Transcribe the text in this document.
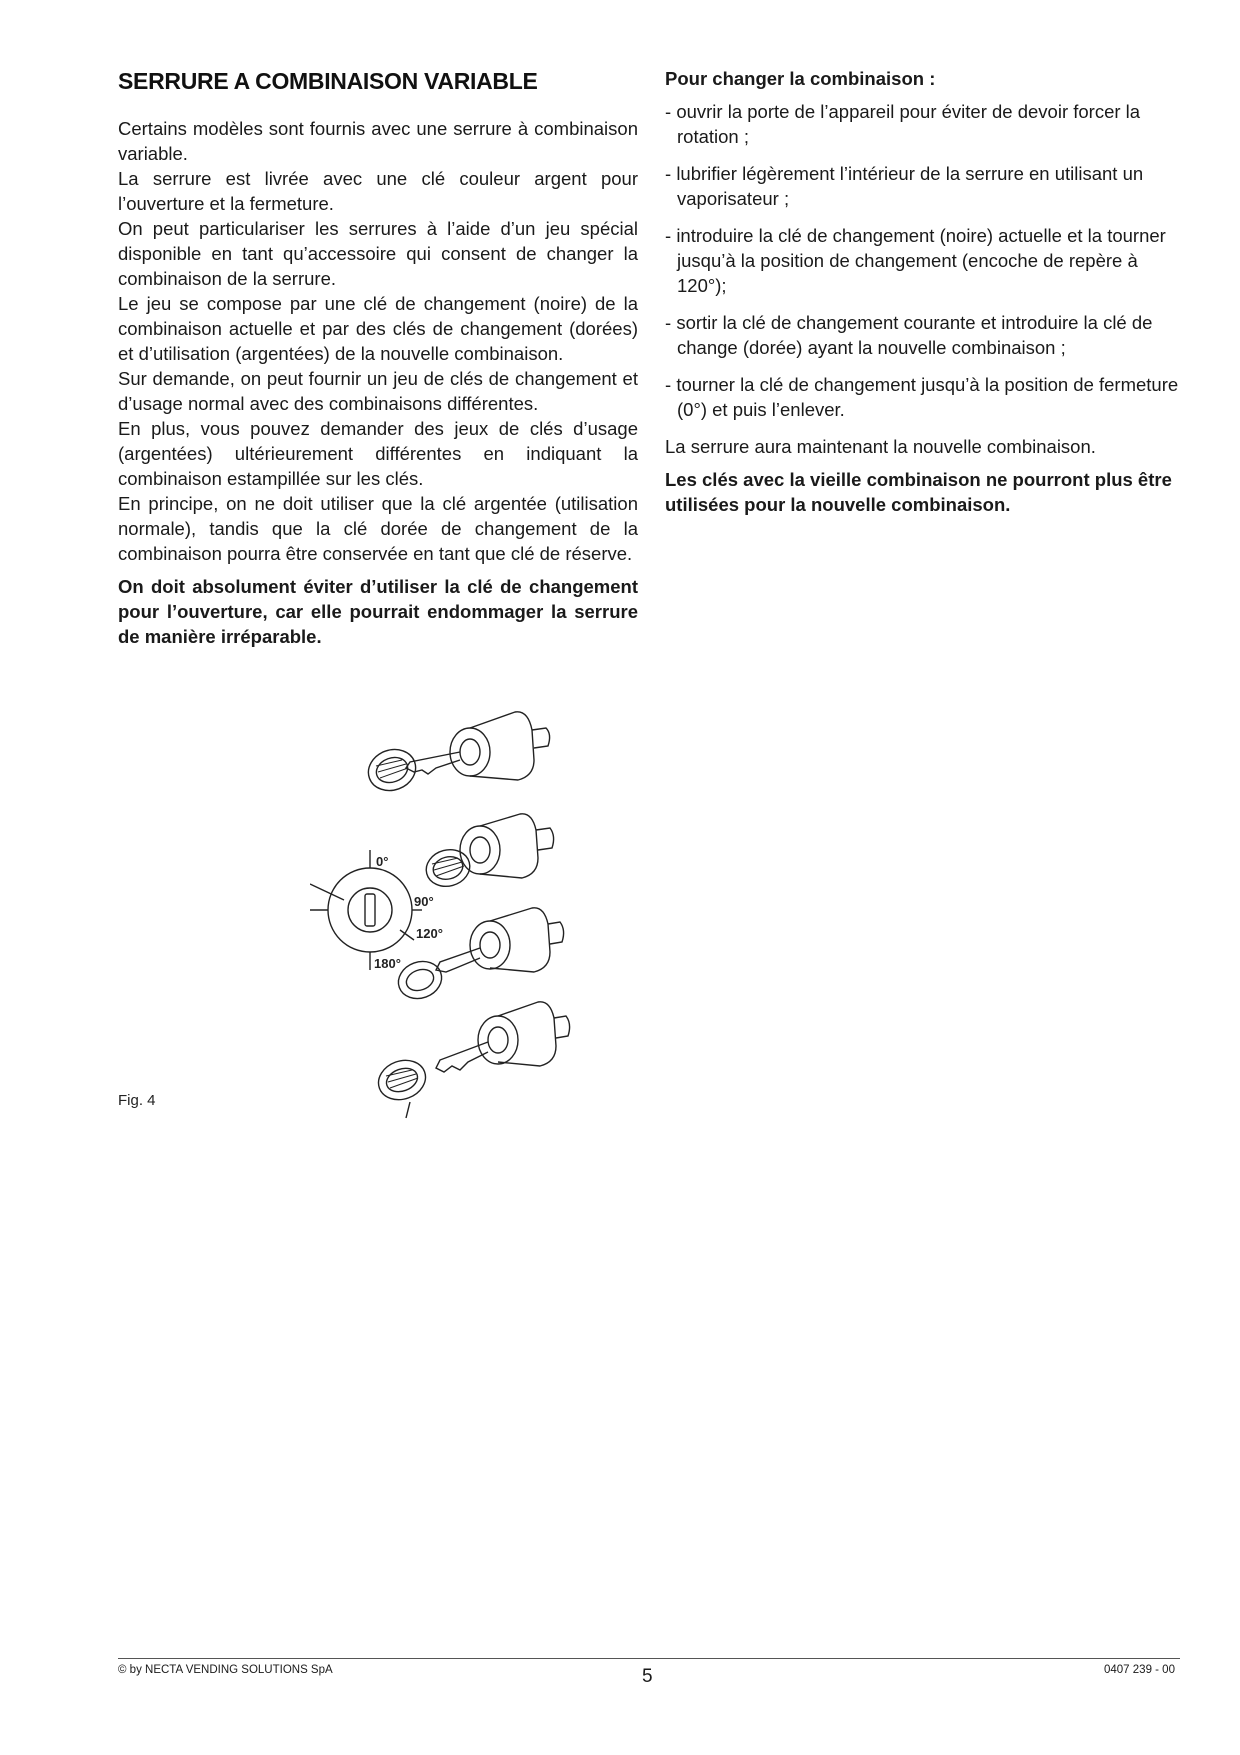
SERRURE A COMBINAISON VARIABLE

Certains modèles sont fournis avec une serrure à combinaison variable.

La serrure est livrée avec une clé couleur argent pour l’ouverture et la fermeture.

On peut particulariser les serrures à l’aide d’un jeu spécial disponible en tant qu’accessoire qui consent de changer la combinaison de la serrure.

Le jeu se compose par une clé de changement (noire) de la combinaison actuelle et par des clés de changement (dorées) et d’utilisation (argentées) de la nouvelle combinaison.

Sur demande, on peut fournir un jeu de clés de changement et d’usage normal avec des combinaisons différentes.

En plus, vous pouvez demander des jeux de clés d’usage (argentées) ultérieurement différentes en indiquant la combinaison estampillée sur les clés.

En principe, on ne doit utiliser que la clé argentée (utilisation normale), tandis que la clé dorée de changement de la combinaison pourra être conservée en tant que clé de réserve.

On doit absolument éviter d’utiliser la clé de changement pour l’ouverture, car elle pourrait endommager la serrure de manière irréparable.

Pour changer la combinaison :
- ouvrir la porte de l’appareil pour éviter de devoir forcer la rotation ;
- lubrifier légèrement l’intérieur de la serrure en utilisant un vaporisateur ;
- introduire la clé de changement (noire) actuelle et la tourner jusqu’à la position de changement (encoche de repère à 120°);
- sortir la clé de changement courante et introduire la clé de change (dorée) ayant la nouvelle combinaison ;
- tourner la clé de changement jusqu’à la position de fermeture (0°) et puis l’enlever.

La serrure aura maintenant la nouvelle combinaison.

Les clés avec la vieille combinaison ne pourront plus être utilisées pour la nouvelle combinaison.

0°
90°
120°
180°
Fig. 4
© by NECTA VENDING SOLUTIONS SpA	5	0407 239 - 00
